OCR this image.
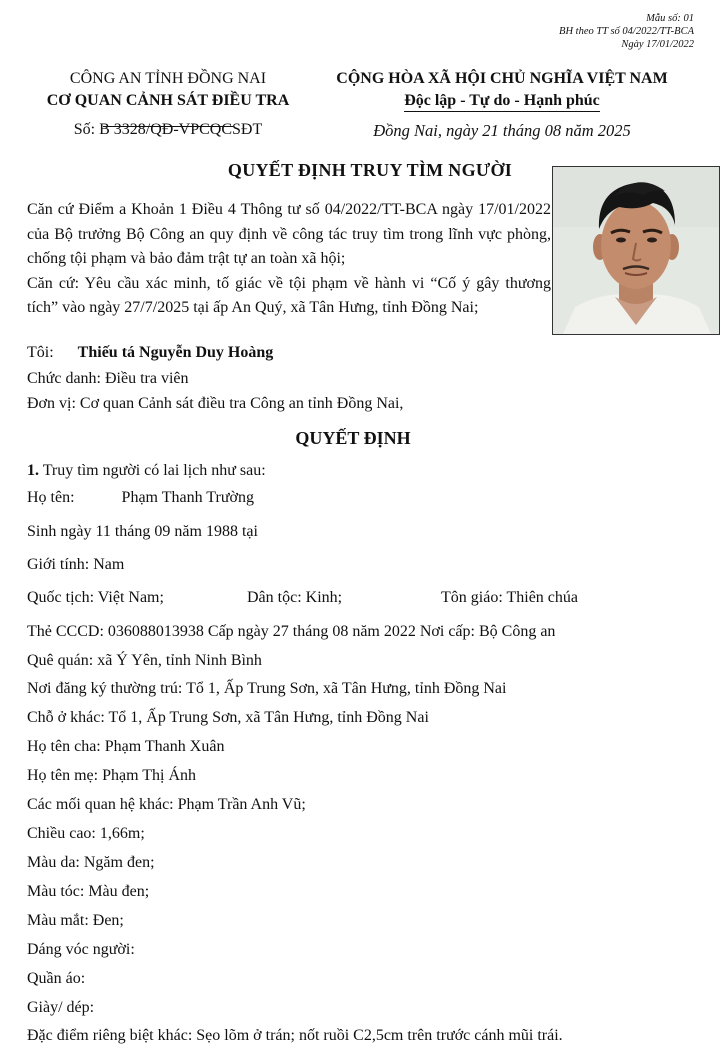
Mẫu số: 01
BH theo TT số 04/2022/TT-BCA
Ngày 17/01/2022
CÔNG AN TỈNH ĐỒNG NAI
CƠ QUAN CẢNH SÁT ĐIỀU TRA
CỘNG HÒA XÃ HỘI CHỦ NGHĨA VIỆT NAM
Độc lập - Tự do - Hạnh phúc
Số: B 3328/QĐ-VPCQCSĐT	Đồng Nai, ngày 21 tháng 08 năm 2025
QUYẾT ĐỊNH TRUY TÌM NGƯỜI
Căn cứ Điểm a Khoản 1 Điều 4 Thông tư số 04/2022/TT-BCA ngày 17/01/2022 của Bộ trưởng Bộ Công an quy định về công tác truy tìm trong lĩnh vực phòng, chống tội phạm và bảo đảm trật tự an toàn xã hội;
Căn cứ: Yêu cầu xác minh, tố giác về tội phạm về hành vi “Cố ý gây thương tích” vào ngày 27/7/2025 tại ấp An Quý, xã Tân Hưng, tỉnh Đồng Nai;
Tôi: Thiếu tá Nguyễn Duy Hoàng
Chức danh: Điều tra viên
Đơn vị: Cơ quan Cảnh sát điều tra Công an tỉnh Đồng Nai,
QUYẾT ĐỊNH
1. Truy tìm người có lai lịch như sau:
Họ tên:	Phạm Thanh Trường
Sinh ngày 11 tháng 09 năm 1988 tại
Giới tính: Nam
Quốc tịch: Việt Nam;	Dân tộc: Kinh;	Tôn giáo: Thiên chúa
Thẻ CCCD: 036088013938 Cấp ngày 27 tháng 08 năm 2022 Nơi cấp: Bộ Công an
Quê quán: xã Ý Yên, tỉnh Ninh Bình
Nơi đăng ký thường trú: Tổ 1, Ấp Trung Sơn, xã Tân Hưng, tỉnh Đồng Nai
Chỗ ở khác: Tổ 1, Ấp Trung Sơn, xã Tân Hưng, tỉnh Đồng Nai
Họ tên cha: Phạm Thanh Xuân
Họ tên mẹ: Phạm Thị Ánh
Các mối quan hệ khác: Phạm Trần Anh Vũ;
Chiều cao: 1,66m;
Màu da: Ngăm đen;
Màu tóc: Màu đen;
Màu mắt: Đen;
Dáng vóc người:
Quần áo:
Giày/ dép:
Đặc điểm riêng biệt khác: Sẹo lõm ở trán; nốt ruồi C2,5cm trên trước cánh mũi trái.
